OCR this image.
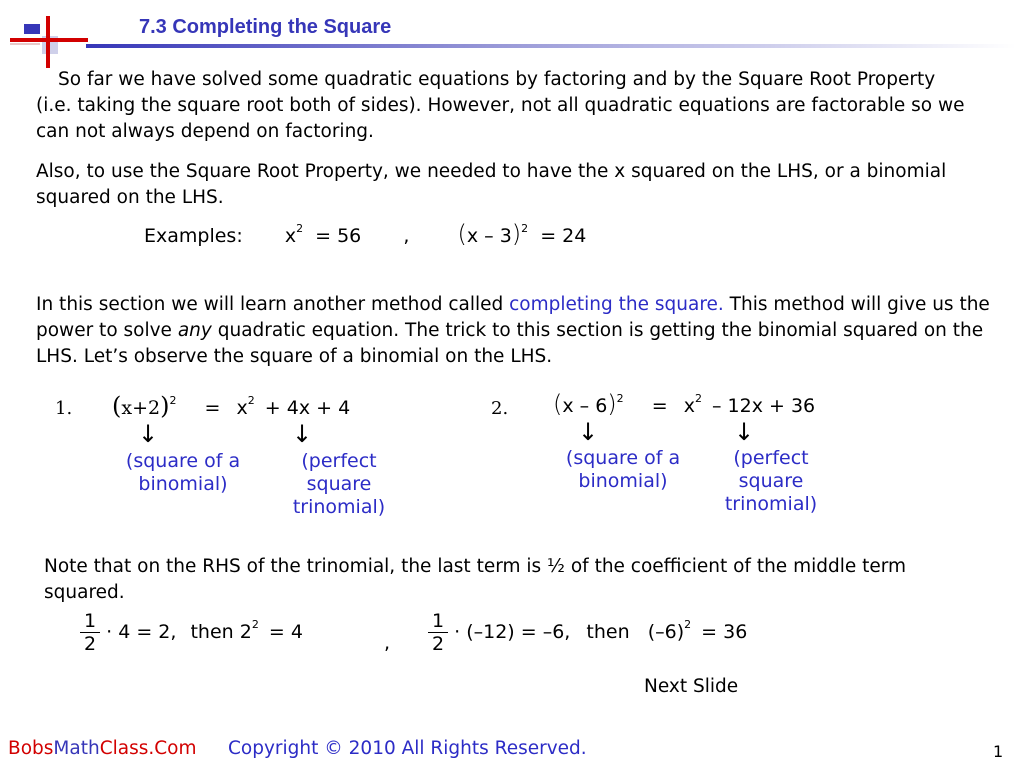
7.3 Completing the Square
So far we have solved some quadratic equations by factoring and by the Square Root Property (i.e. taking the square root both of sides). However, not all quadratic equations are factorable so we can not always depend on factoring.
Also, to use the Square Root Property, we needed to have the x squared on the LHS, or a binomial squared on the LHS.
Examples: $x^2 = 56$ , (x – 3)$^2$ = 24
In this section we will learn another method called completing the square. This method will give us the power to solve any quadratic equation. The trick to this section is getting the binomial squared on the LHS. Let’s observe the square of a binomial on the LHS.
1. $(x+2)^2 = x^2 + 4x + 4$
↓	↓
(square of a
binomial)
(perfect
square
trinomial)
2. $(x - 6)^2 = x^2 - 12x + 36$
↓	↓
(square of a
binomial)
(perfect
square
trinomial)
Note that on the RHS of the trinomial, the last term is ½ of the coefficient of the middle term squared.
$\frac{1}{2} \cdot 4 = 2$, then $2^2 = 4$	, $\frac{1}{2} \cdot (-12) = -6$, then $(-6)^2 = 36$
Next Slide
BobsMathClass.Com Copyright © 2010 All Rights Reserved.	1
